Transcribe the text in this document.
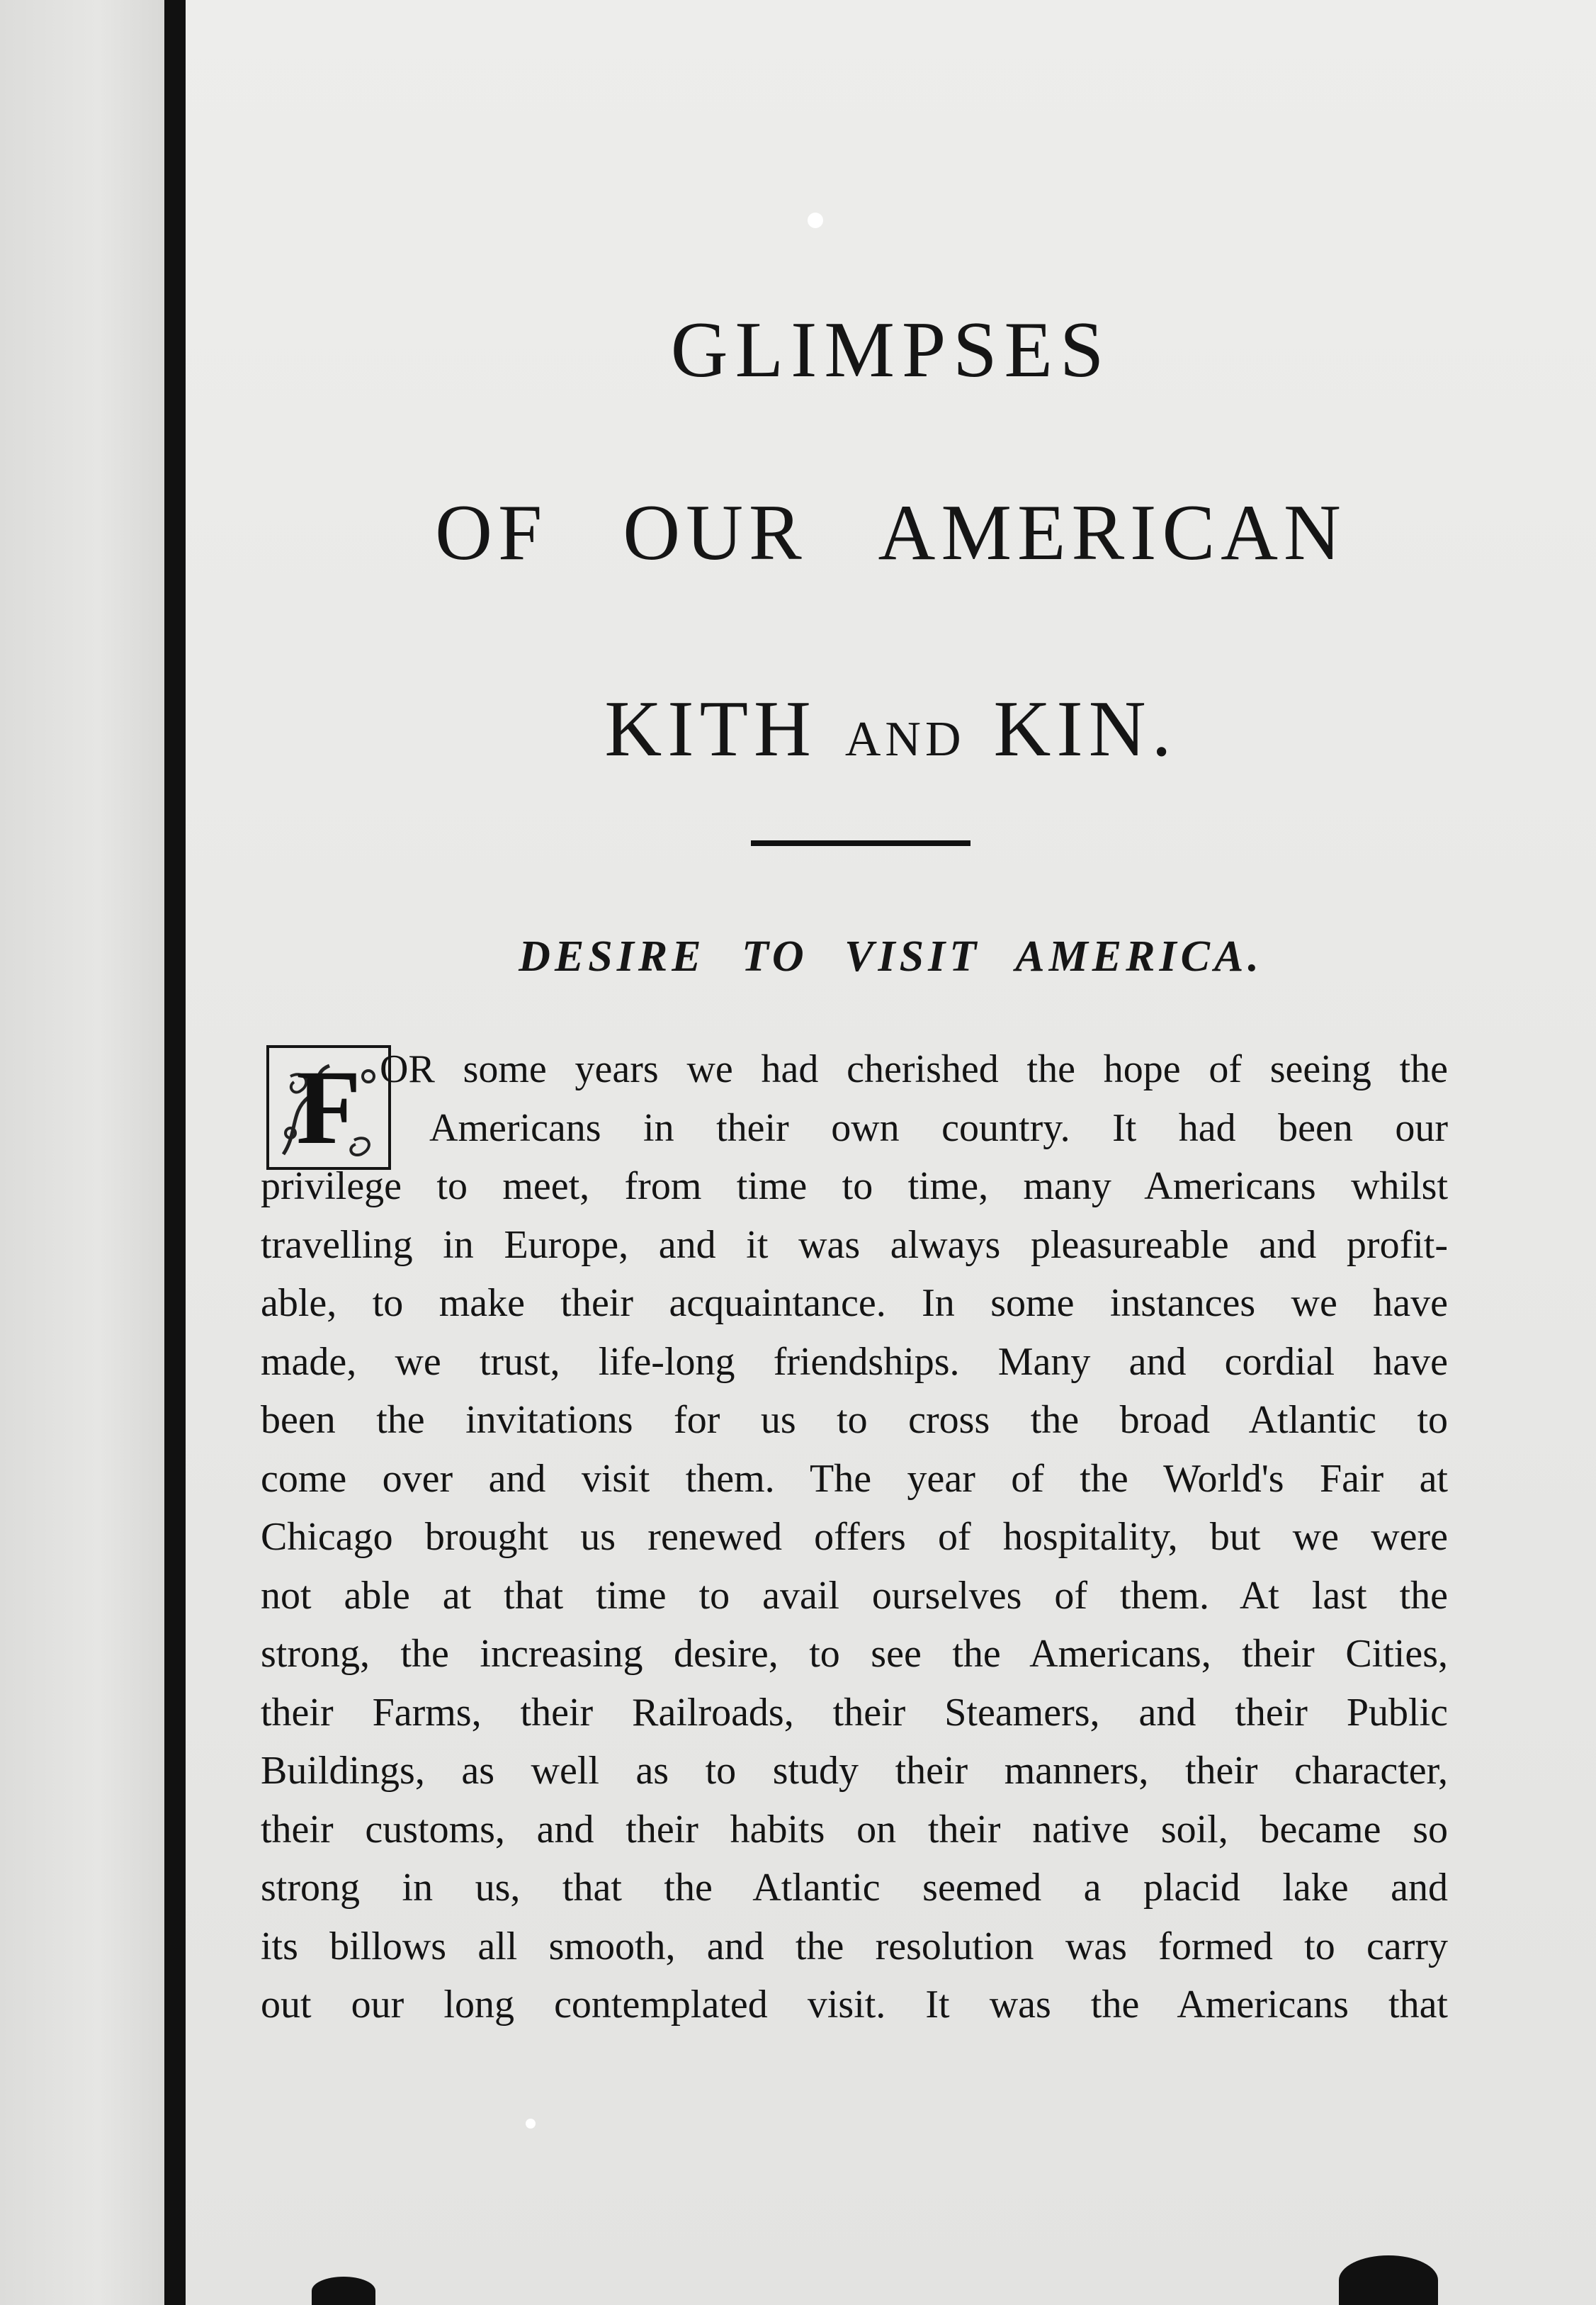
GLIMPSES
OF OUR AMERICAN
KITH AND KIN.
DESIRE TO VISIT AMERICA.
F OR some years we had cherished the hope of seeing the
Americans in their own country. It had been our
privilege to meet, from time to time, many Americans whilst
travelling in Europe, and it was always pleasureable and profit-
able, to make their acquaintance. In some instances we have
made, we trust, life-long friendships. Many and cordial have
been the invitations for us to cross the broad Atlantic to
come over and visit them. The year of the World's Fair at
Chicago brought us renewed offers of hospitality, but we were
not able at that time to avail ourselves of them. At last the
strong, the increasing desire, to see the Americans, their Cities,
their Farms, their Railroads, their Steamers, and their Public
Buildings, as well as to study their manners, their character,
their customs, and their habits on their native soil, became so
strong in us, that the Atlantic seemed a placid lake and
its billows all smooth, and the resolution was formed to carry
out our long contemplated visit. It was the Americans that
